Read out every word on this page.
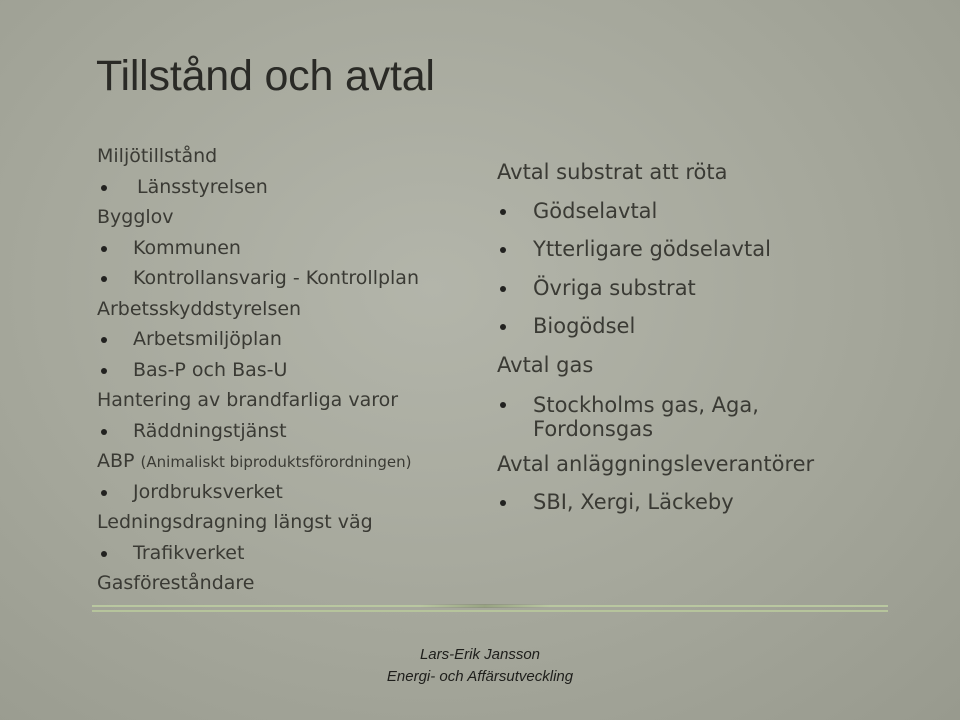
Tillstånd och avtal
Miljötillstånd
Länsstyrelsen
Bygglov
Kommunen
Kontrollansvarig - Kontrollplan
Arbetsskyddstyrelsen
Arbetsmiljöplan
Bas-P och Bas-U
Hantering av brandfarliga varor
Räddningstjänst
ABP (Animaliskt biproduktsförordningen)
Jordbruksverket
Ledningsdragning längst väg
Trafikverket
Gasföreståndare
Avtal substrat att röta
Gödselavtal
Ytterligare gödselavtal
Övriga substrat
Biogödsel
Avtal gas
Stockholms gas, Aga, Fordonsgas
Avtal anläggningsleverantörer
SBI, Xergi, Läckeby
Lars-Erik Jansson
Energi- och Affärsutveckling
